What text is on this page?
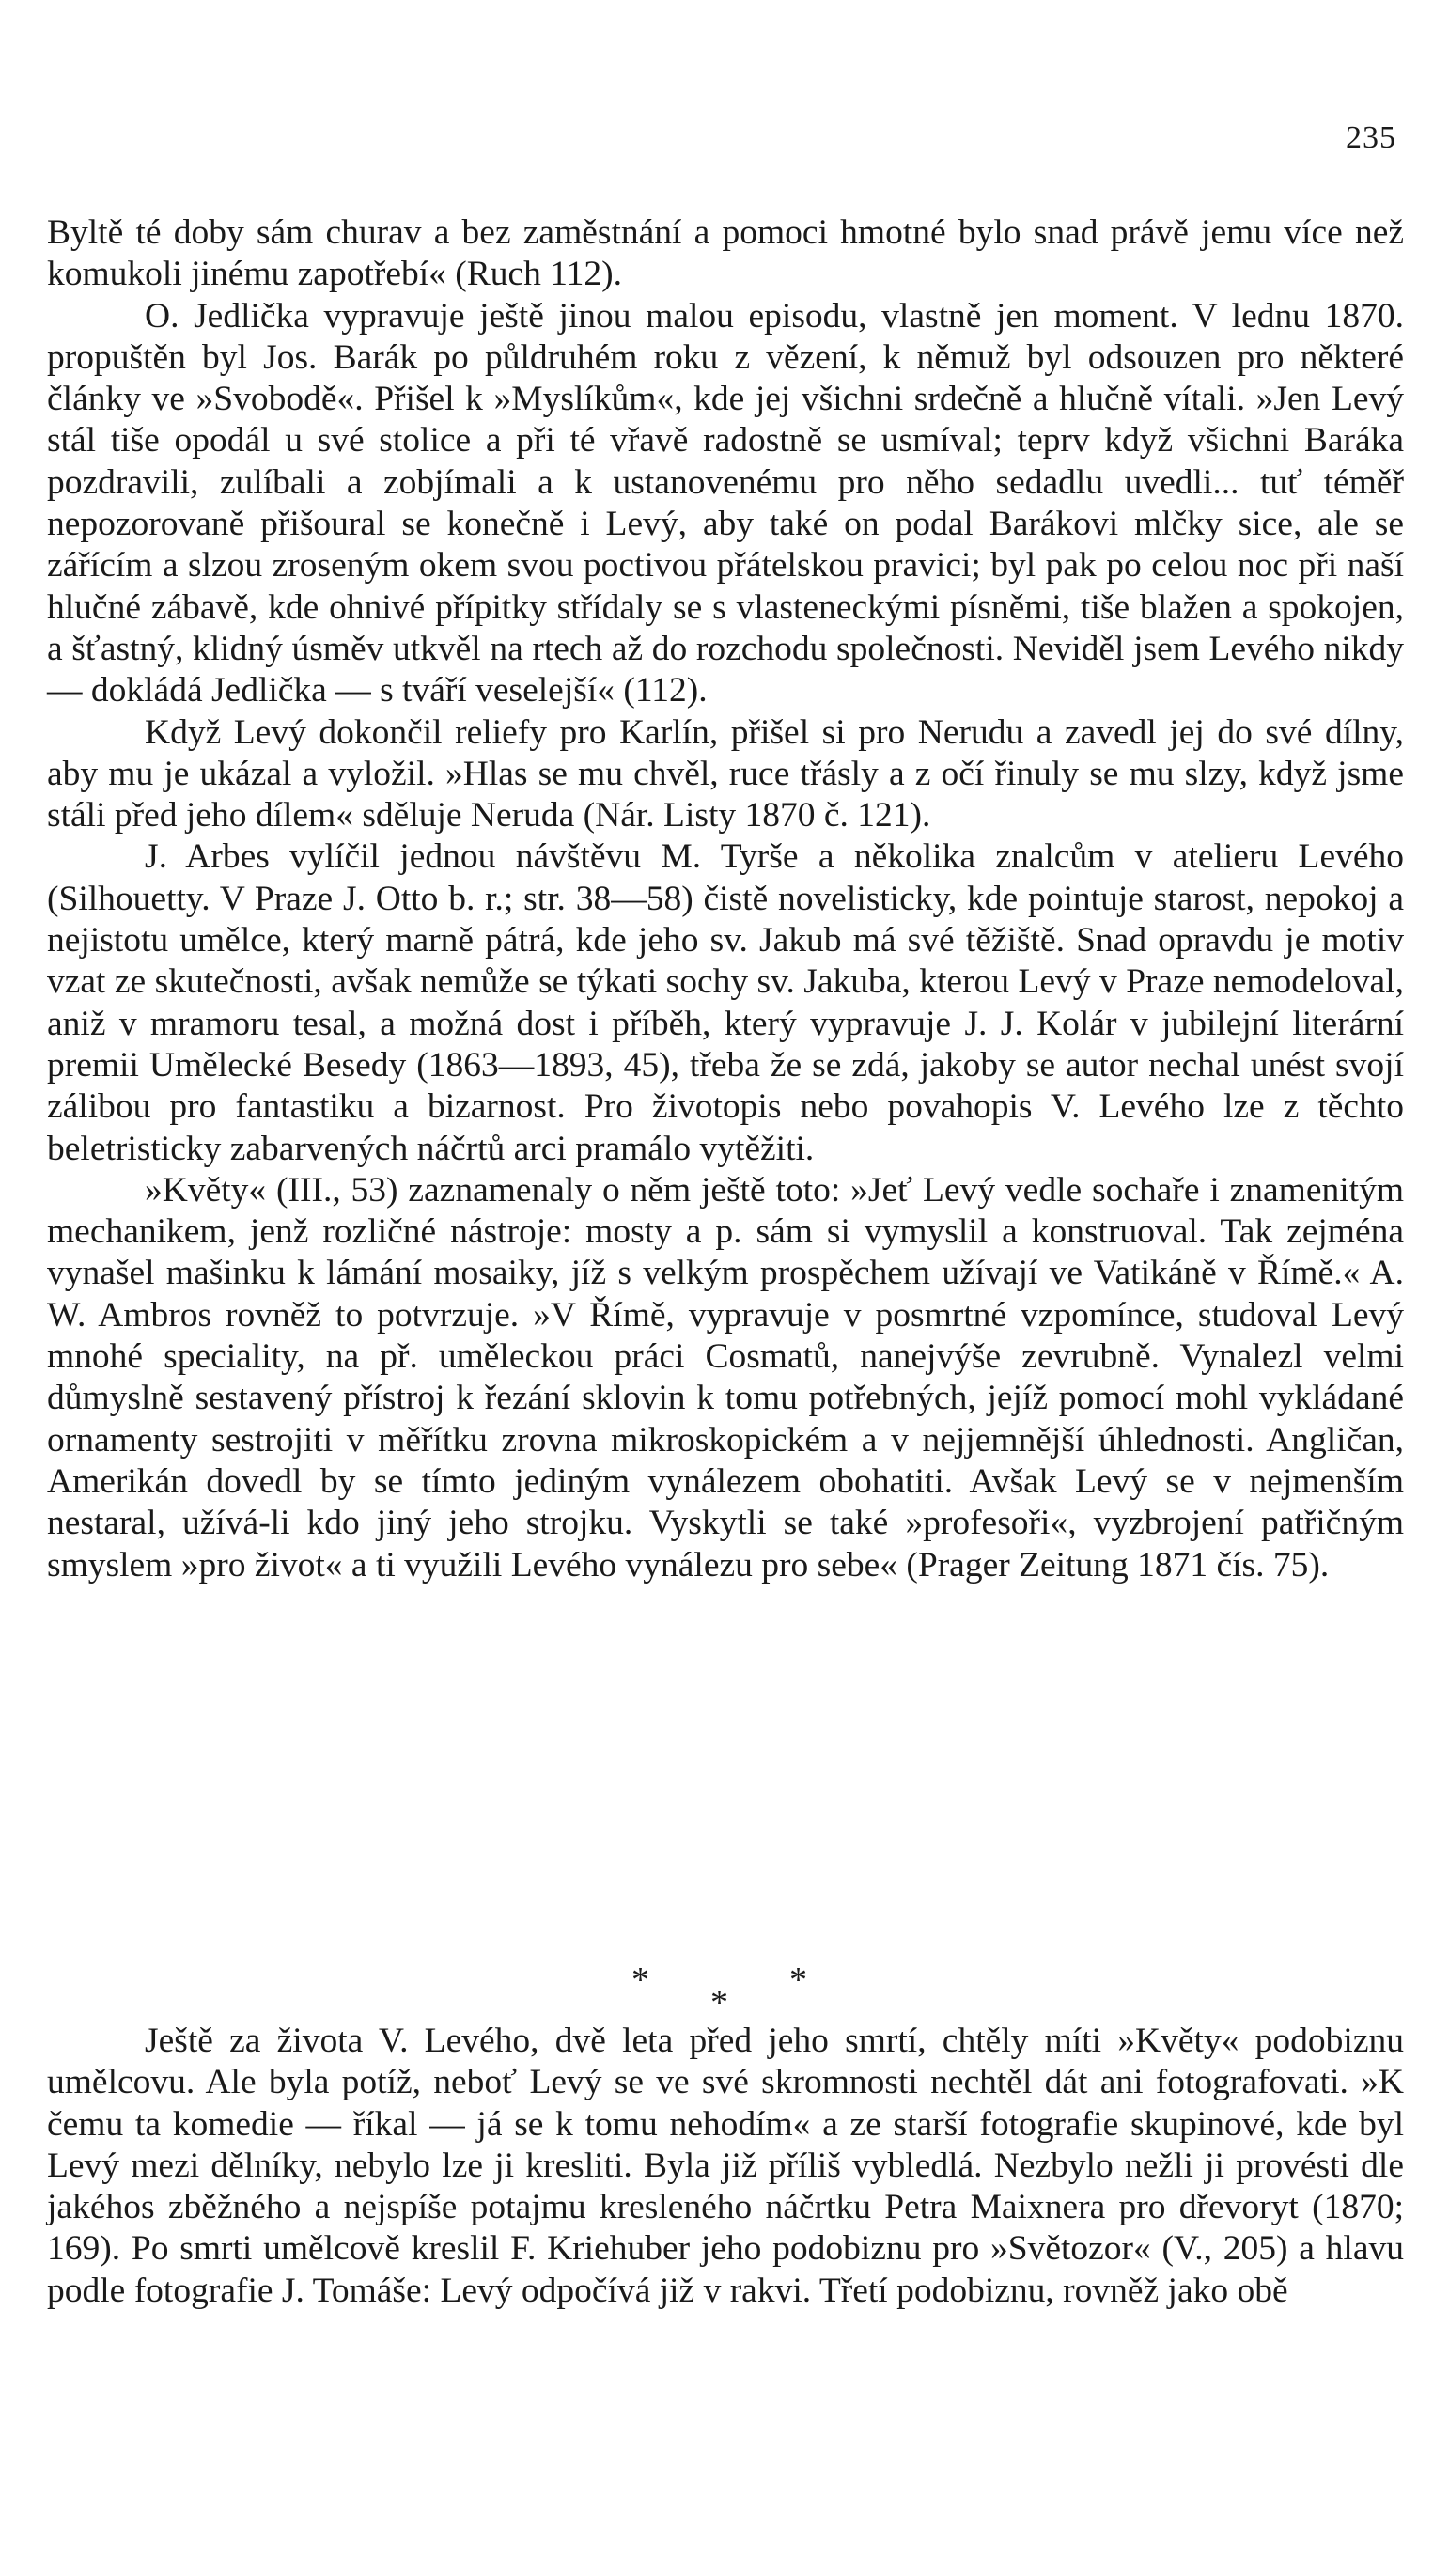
235

Byltě té doby sám churav a bez zaměstnání a pomoci hmotné bylo snad právě jemu více než komukoli jinému zapotřebí« (Ruch 112).

O. Jedlička vypravuje ještě jinou malou episodu, vlastně jen moment. V lednu 1870. propuštěn byl Jos. Barák po půldruhém roku z vězení, k němuž byl odsouzen pro některé články ve »Svobodě«. Přišel k »Myslíkům«, kde jej všichni srdečně a hlučně vítali. »Jen Levý stál tiše opodál u své stolice a při té vřavě radostně se usmíval; teprv když všichni Baráka pozdravili, zulíbali a zobjímali a k ustanovenému pro něho sedadlu uvedli... tuť téměř nepozorovaně přišoural se konečně i Levý, aby také on podal Barákovi mlčky sice, ale se zářícím a slzou zroseným okem svou poctivou přátelskou pravici; byl pak po celou noc při naší hlučné zábavě, kde ohnivé přípitky střídaly se s vlasteneckými písněmi, tiše blažen a spokojen, a šťastný, klidný úsměv utkvěl na rtech až do rozchodu společnosti. Neviděl jsem Levého nikdy — dokládá Jedlička — s tváří veselejší« (112).

Když Levý dokončil reliefy pro Karlín, přišel si pro Nerudu a zavedl jej do své dílny, aby mu je ukázal a vyložil. »Hlas se mu chvěl, ruce třásly a z očí řinuly se mu slzy, když jsme stáli před jeho dílem« sděluje Neruda (Nár. Listy 1870 č. 121).

J. Arbes vylíčil jednou návštěvu M. Tyrše a několika znalcům v atelieru Levého (Silhouetty. V Praze J. Otto b. r.; str. 38—58) čistě novelisticky, kde pointuje starost, nepokoj a nejistotu umělce, který marně pátrá, kde jeho sv. Jakub má své těžiště. Snad opravdu je motiv vzat ze skutečnosti, avšak nemůže se týkati sochy sv. Jakuba, kterou Levý v Praze nemodeloval, aniž v mramoru tesal, a možná dost i příběh, který vypravuje J. J. Kolár v jubilejní literární premii Umělecké Besedy (1863—1893, 45), třeba že se zdá, jakoby se autor nechal unést svojí zálibou pro fantastiku a bizarnost. Pro životopis nebo povahopis V. Levého lze z těchto beletristicky zabarvených náčrtů arci pramálo vytěžiti.

»Květy« (III., 53) zaznamenaly o něm ještě toto: »Jeť Levý vedle sochaře i znamenitým mechanikem, jenž rozličné nástroje: mosty a p. sám si vymyslil a konstruoval. Tak zejména vynašel mašinku k lámání mosaiky, jíž s velkým prospěchem užívají ve Vatikáně v Římě.« A. W. Ambros rovněž to potvrzuje. »V Římě, vypravuje v posmrtné vzpomínce, studoval Levý mnohé speciality, na př. uměleckou práci Cosmatů, nanejvýše zevrubně. Vynalezl velmi důmyslně sestavený přístroj k řezání sklovin k tomu potřebných, jejíž pomocí mohl vykládané ornamenty sestrojiti v měřítku zrovna mikroskopickém a v nejjemnější úhlednosti. Angličan, Amerikán dovedl by se tímto jediným vynálezem obohatiti. Avšak Levý se v nejmenším nestaral, užívá-li kdo jiný jeho strojku. Vyskytli se také »profesoři«, vyzbrojení patřičným smyslem »pro život« a ti využili Levého vynálezu pro sebe« (Prager Zeitung 1871 čís. 75).

*	*
*

Ještě za života V. Levého, dvě leta před jeho smrtí, chtěly míti »Květy« podobiznu umělcovu. Ale byla potíž, neboť Levý se ve své skromnosti nechtěl dát ani fotografovati. »K čemu ta komedie — říkal — já se k tomu nehodím« a ze starší fotografie skupinové, kde byl Levý mezi dělníky, nebylo lze ji kresliti. Byla již příliš vybledlá. Nezbylo nežli ji provésti dle jakéhos zběžného a nejspíše potajmu kresleného náčrtku Petra Maixnera pro dřevoryt (1870; 169). Po smrti umělcově kreslil F. Kriehuber jeho podobiznu pro »Světozor« (V., 205) a hlavu podle fotografie J. Tomáše: Levý odpočívá již v rakvi. Třetí podobiznu, rovněž jako obě
